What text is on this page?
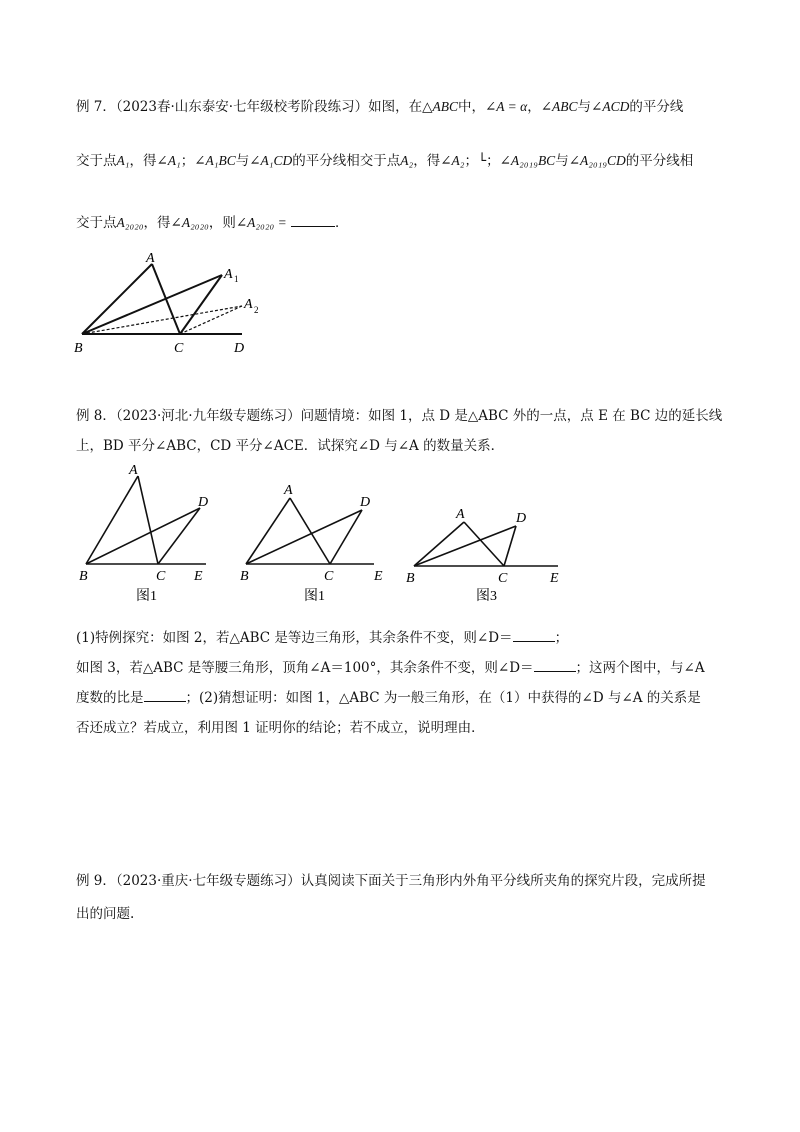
例 7．（2023春·山东泰安·七年级校考阶段练习）如图，在△ABC中，∠A = α，∠ABC与∠ACD的平分线
交于点A₁，得∠A₁；∠A₁BC与∠A₁CD的平分线相交于点A₂，得∠A₂；└；∠A₂₀₁₉BC与∠A₂₀₁₉CD的平分线相
交于点A₂₀₂₀，得∠A₂₀₂₀，则∠A₂₀₂₀ =	．
A
A 1
A 2
B	C	D
例 8．（2023·河北·九年级专题练习）问题情境：如图 1，点 D 是△ABC 外的一点，点 E 在 BC 边的延长线
上，BD 平分∠ABC，CD 平分∠ACE．试探究∠D 与∠A 的数量关系．
A
D
B	C E
图1
A
D
B	C	E
图1
A	D
B	C	E
图3
(1)特例探究：如图 2，若△ABC 是等边三角形，其余条件不变，则∠D＝	；
如图 3，若△ABC 是等腰三角形，顶角∠A＝100°，其余条件不变，则∠D＝	；这两个图中，与∠A
度数的比是	；(2)猜想证明：如图 1，△ABC 为一般三角形，在（1）中获得的∠D 与∠A 的关系是
否还成立？若成立，利用图 1 证明你的结论；若不成立，说明理由．
例 9．（2023·重庆·七年级专题练习）认真阅读下面关于三角形内外角平分线所夹角的探究片段，完成所提
出的问题.
